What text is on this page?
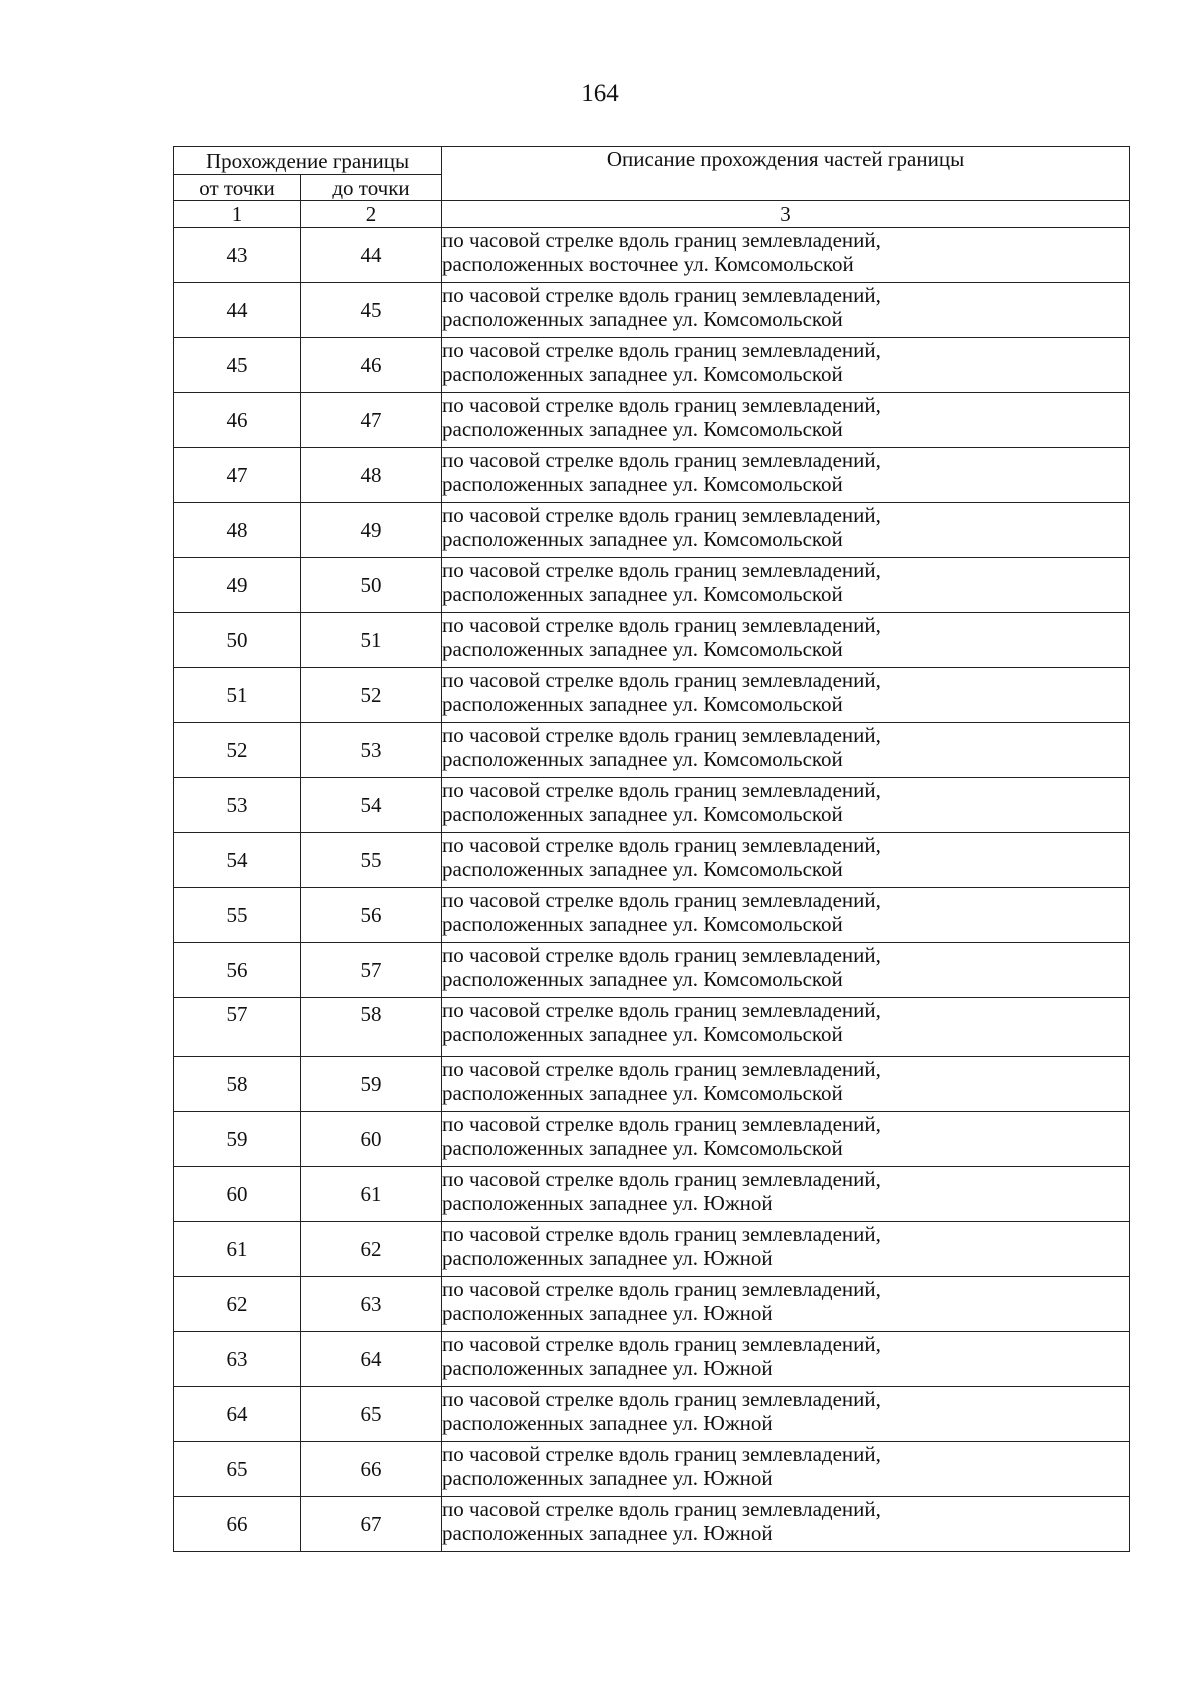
164
Прохождение границы		Описание прохождения частей границы
от точки	до точки	
1	2	3
43	44	по часовой стрелке вдоль границ землевладений,
расположенных восточнее ул. Комсомольской

44	45	по часовой стрелке вдоль границ землевладений,
расположенных западнее ул. Комсомольской

45	46	по часовой стрелке вдоль границ землевладений,
расположенных западнее ул. Комсомольской

46	47	по часовой стрелке вдоль границ землевладений,
расположенных западнее ул. Комсомольской

47	48	по часовой стрелке вдоль границ землевладений,
расположенных западнее ул. Комсомольской

48	49	по часовой стрелке вдоль границ землевладений,
расположенных западнее ул. Комсомольской

49	50	по часовой стрелке вдоль границ землевладений,
расположенных западнее ул. Комсомольской

50	51	по часовой стрелке вдоль границ землевладений,
расположенных западнее ул. Комсомольской

51	52	по часовой стрелке вдоль границ землевладений,
расположенных западнее ул. Комсомольской

52	53	по часовой стрелке вдоль границ землевладений,
расположенных западнее ул. Комсомольской

53	54	по часовой стрелке вдоль границ землевладений,
расположенных западнее ул. Комсомольской

54	55	по часовой стрелке вдоль границ землевладений,
расположенных западнее ул. Комсомольской

55	56	по часовой стрелке вдоль границ землевладений,
расположенных западнее ул. Комсомольской

56	57	по часовой стрелке вдоль границ землевладений,
расположенных западнее ул. Комсомольской

57	58	по часовой стрелке вдоль границ землевладений,
расположенных западнее ул. Комсомольской

58	59	по часовой стрелке вдоль границ землевладений,
расположенных западнее ул. Комсомольской

59	60	по часовой стрелке вдоль границ землевладений,
расположенных западнее ул. Комсомольской

60	61	по часовой стрелке вдоль границ землевладений,
расположенных западнее ул. Южной

61	62	по часовой стрелке вдоль границ землевладений,
расположенных западнее ул. Южной

62	63	по часовой стрелке вдоль границ землевладений,
расположенных западнее ул. Южной

63	64	по часовой стрелке вдоль границ землевладений,
расположенных западнее ул. Южной

64	65	по часовой стрелке вдоль границ землевладений,
расположенных западнее ул. Южной

65	66	по часовой стрелке вдоль границ землевладений,
расположенных западнее ул. Южной

66	67	по часовой стрелке вдоль границ землевладений,
расположенных западнее ул. Южной
